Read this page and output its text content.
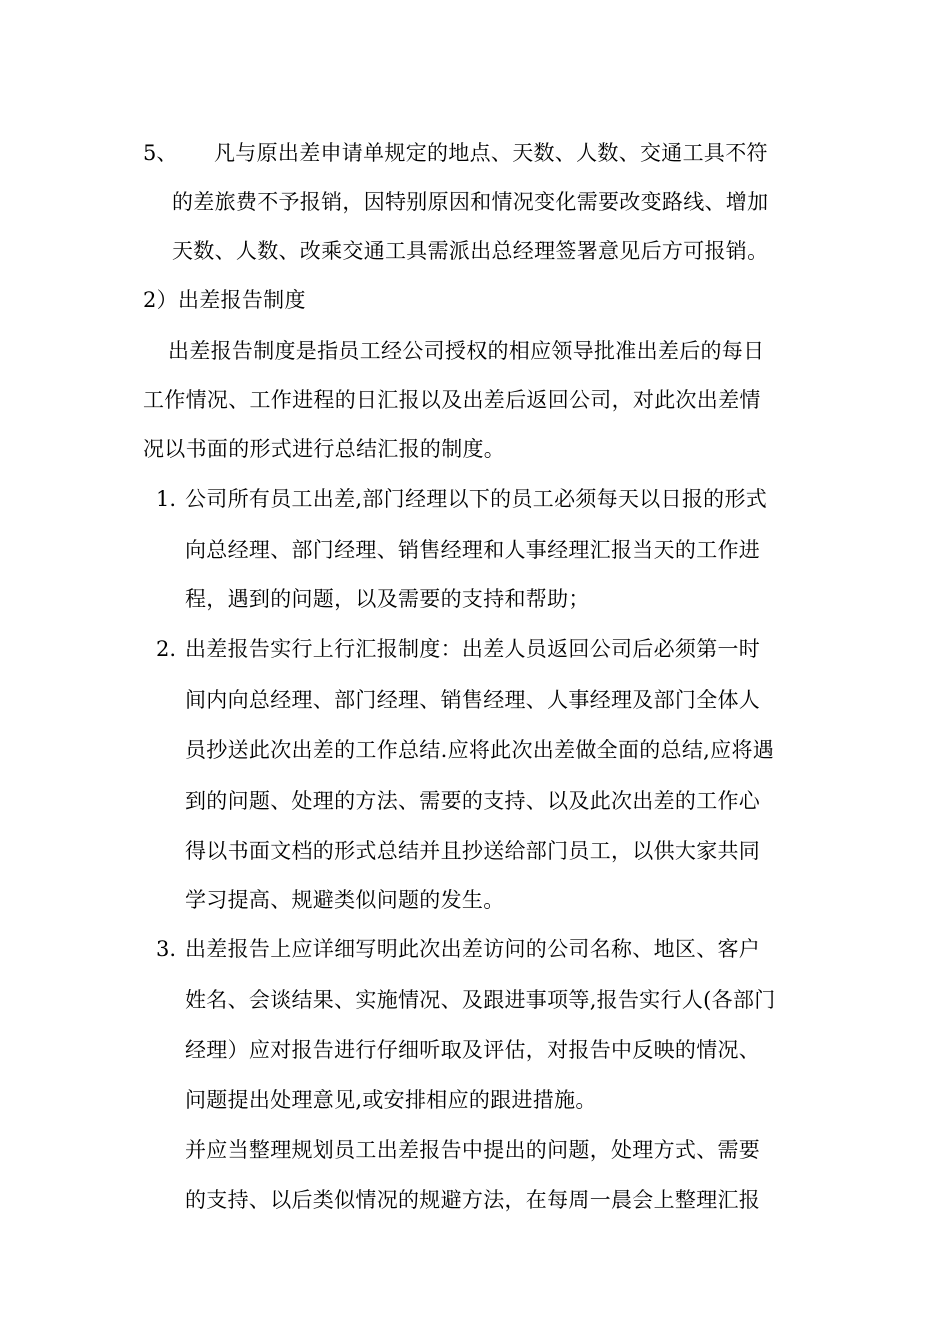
5、 凡与原出差申请单规定的地点、天数、人数、交通工具不符
的差旅费不予报销，因特别原因和情况变化需要改变路线、增加
天数、人数、改乘交通工具需派出总经理签署意见后方可报销。
2）出差报告制度
出差报告制度是指员工经公司授权的相应领导批准出差后的每日
工作情况、工作进程的日汇报以及出差后返回公司，对此次出差情
况以书面的形式进行总结汇报的制度。
1. 公司所有员工出差,部门经理以下的员工必须每天以日报的形式
向总经理、部门经理、销售经理和人事经理汇报当天的工作进
程，遇到的问题，以及需要的支持和帮助；
2. 出差报告实行上行汇报制度：出差人员返回公司后必须第一时
间内向总经理、部门经理、销售经理、人事经理及部门全体人
员抄送此次出差的工作总结.应将此次出差做全面的总结,应将遇
到的问题、处理的方法、需要的支持、以及此次出差的工作心
得以书面文档的形式总结并且抄送给部门员工，以供大家共同
学习提高、规避类似问题的发生。
3. 出差报告上应详细写明此次出差访问的公司名称、地区、客户
姓名、会谈结果、实施情况、及跟进事项等,报告实行人(各部门
经理）应对报告进行仔细听取及评估，对报告中反映的情况、
问题提出处理意见,或安排相应的跟进措施。
并应当整理规划员工出差报告中提出的问题，处理方式、需要
的支持、以后类似情况的规避方法，在每周一晨会上整理汇报
